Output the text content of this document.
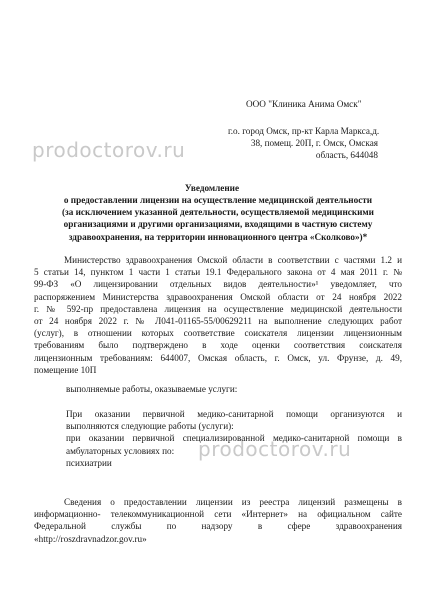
prodoctorov.ru
prodoctorov.ru
ООО "Клиника Анима Омск"
г.о. город Омск, пр-кт Карла Маркса,д.
38, помещ. 20П, г. Омск, Омская
область, 644048
Уведомление
о предоставлении лицензии на осуществление медицинской деятельности
(за исключением указанной деятельности, осуществляемой медицинскими
организациями и другими организациями, входящими в частную систему
здравоохранения, на территории инновационного центра «Сколково»)*
Министерство здравоохранения Омской области в соответствии с частями 1.2 и
5 статьи 14, пунктом 1 части 1 статьи 19.1 Федерального закона от 4 мая 2011 г. №
99-ФЗ «О лицензировании отдельных видов деятельности»¹ уведомляет, что
распоряжением Министерства здравоохранения Омской области от 24 ноября 2022
г. № 592-пр предоставлена лицензия на осуществление медицинской деятельности
от 24 ноября 2022 г. № Л041-01165-55/00629211 на выполнение следующих работ
(услуг), в отношении которых соответствие соискателя лицензии лицензионным
требованиям было подтверждено в ходе оценки соответствия соискателя
лицензионным требованиям: 644007, Омская область, г. Омск, ул. Фрунзе, д. 49,
помещение 10П
выполняемые работы, оказываемые услуги:
При оказании первичной медико-санитарной помощи организуются и
выполняются следующие работы (услуги):
при оказании первичной специализированной медико-санитарной помощи в
амбулаторных условиях по:
психиатрии
Сведения о предоставлении лицензии из реестра лицензий размещены в
информационно- телекоммуникационной сети «Интернет» на официальном сайте
Федеральной службы по надзору в сфере здравоохранения
«http://roszdravnadzor.gov.ru»
